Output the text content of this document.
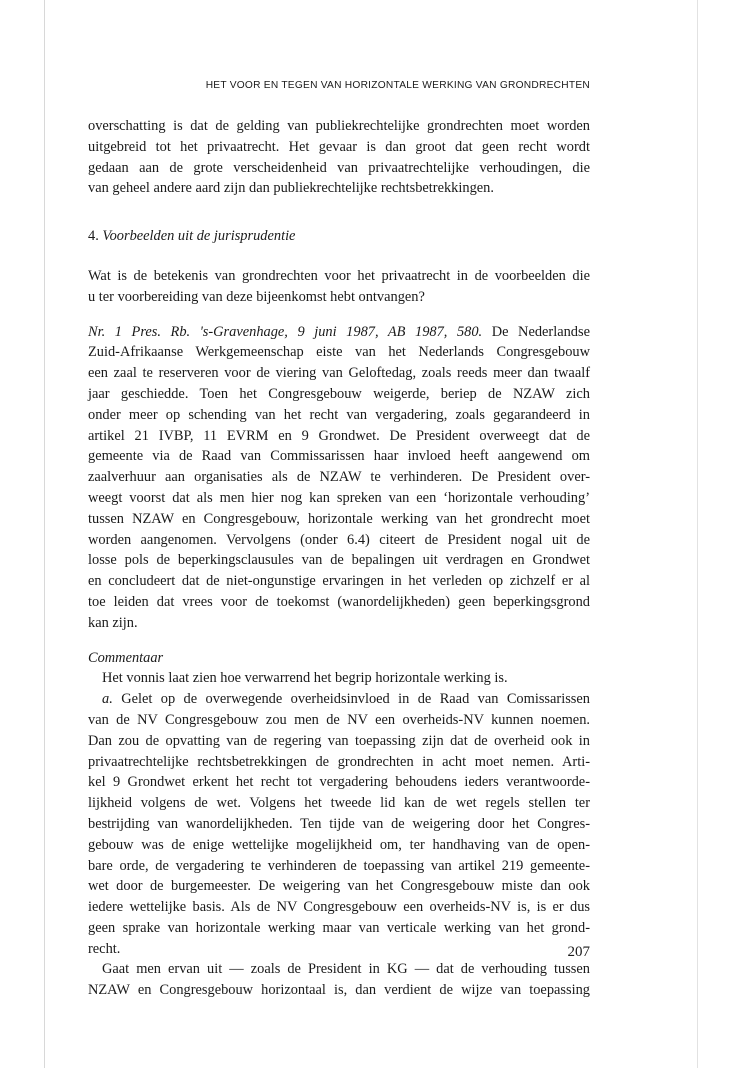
HET VOOR EN TEGEN VAN HORIZONTALE WERKING VAN GRONDRECHTEN
overschatting is dat de gelding van publiekrechtelijke grondrechten moet worden
uitgebreid tot het privaatrecht. Het gevaar is dan groot dat geen recht wordt
gedaan aan de grote verscheidenheid van privaatrechtelijke verhoudingen, die
van geheel andere aard zijn dan publiekrechtelijke rechtsbetrekkingen.
4. Voorbeelden uit de jurisprudentie
Wat is de betekenis van grondrechten voor het privaatrecht in de voorbeelden die
u ter voorbereiding van deze bijeenkomst hebt ontvangen?
Nr. 1 Pres. Rb. 's-Gravenhage, 9 juni 1987, AB 1987, 580. De Nederlandse
Zuid-Afrikaanse Werkgemeenschap eiste van het Nederlands Congresgebouw
een zaal te reserveren voor de viering van Geloftedag, zoals reeds meer dan twaalf
jaar geschiedde. Toen het Congresgebouw weigerde, beriep de NZAW zich
onder meer op schending van het recht van vergadering, zoals gegarandeerd in
artikel 21 IVBP, 11 EVRM en 9 Grondwet. De President overweegt dat de
gemeente via de Raad van Commissarissen haar invloed heeft aangewend om
zaalverhuur aan organisaties als de NZAW te verhinderen. De President over-
weegt voorst dat als men hier nog kan spreken van een ‘horizontale verhouding’
tussen NZAW en Congresgebouw, horizontale werking van het grondrecht moet
worden aangenomen. Vervolgens (onder 6.4) citeert de President nogal uit de
losse pols de beperkingsclausules van de bepalingen uit verdragen en Grondwet
en concludeert dat de niet-ongunstige ervaringen in het verleden op zichzelf er al
toe leiden dat vrees voor de toekomst (wanordelijkheden) geen beperkingsgrond
kan zijn.
Commentaar
Het vonnis laat zien hoe verwarrend het begrip horizontale werking is.
a. Gelet op de overwegende overheidsinvloed in de Raad van Comissarissen
van de NV Congresgebouw zou men de NV een overheids-NV kunnen noemen.
Dan zou de opvatting van de regering van toepassing zijn dat de overheid ook in
privaatrechtelijke rechtsbetrekkingen de grondrechten in acht moet nemen. Arti-
kel 9 Grondwet erkent het recht tot vergadering behoudens ieders verantwoorde-
lijkheid volgens de wet. Volgens het tweede lid kan de wet regels stellen ter
bestrijding van wanordelijkheden. Ten tijde van de weigering door het Congres-
gebouw was de enige wettelijke mogelijkheid om, ter handhaving van de open-
bare orde, de vergadering te verhinderen de toepassing van artikel 219 gemeente-
wet door de burgemeester. De weigering van het Congresgebouw miste dan ook
iedere wettelijke basis. Als de NV Congresgebouw een overheids-NV is, is er dus
geen sprake van horizontale werking maar van verticale werking van het grond-
recht.
Gaat men ervan uit — zoals de President in KG — dat de verhouding tussen
NZAW en Congresgebouw horizontaal is, dan verdient de wijze van toepassing
207
